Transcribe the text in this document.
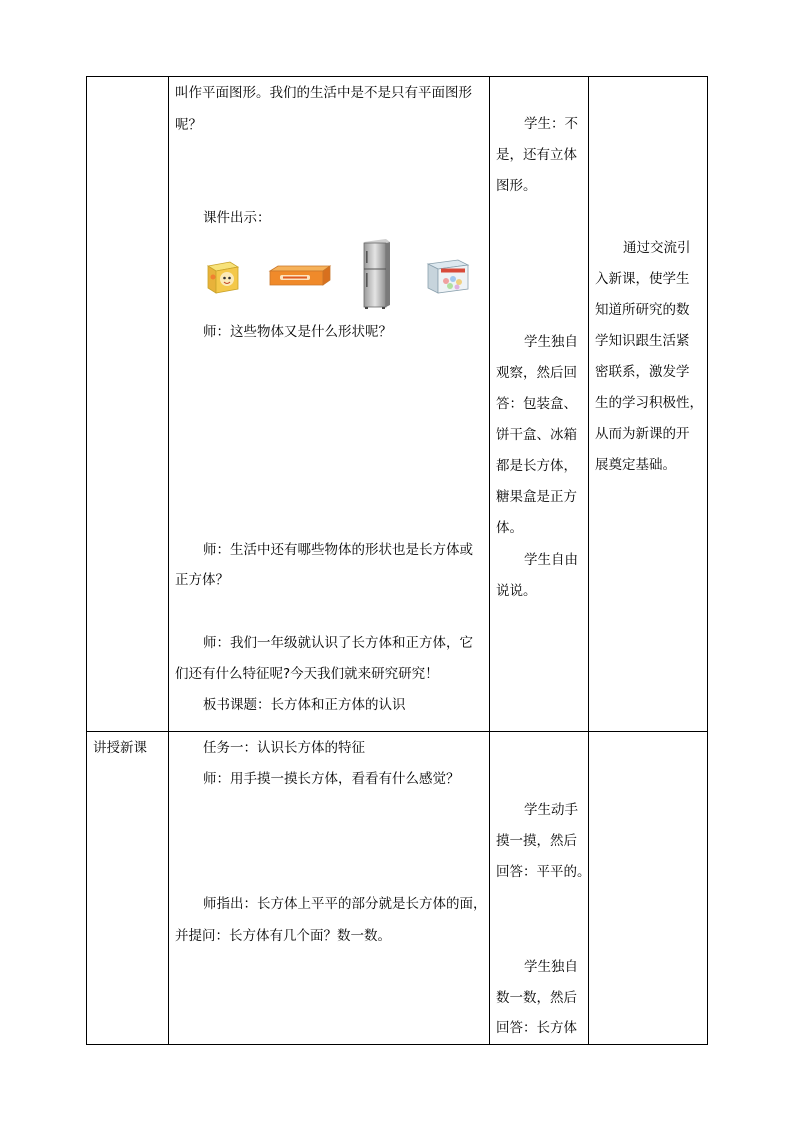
叫作平面图形。我们的生活中是不是只有平面图形
呢？
课件出示：
师：这些物体又是什么形状呢？
师：生活中还有哪些物体的形状也是长方体或
正方体？
师：我们一年级就认识了长方体和正方体，它
们还有什么特征呢?今天我们就来研究研究！
板书课题：长方体和正方体的认识
学生：不
是，还有立体
图形。
学生独自
观察，然后回
答：包装盒、
饼干盒、冰箱
都是长方体，
糖果盒是正方
体。
学生自由
说说。
通过交流引
入新课，使学生
知道所研究的数
学知识跟生活紧
密联系，激发学
生的学习积极性，
从而为新课的开
展奠定基础。
讲授新课	任务一：认识长方体的特征
师：用手摸一摸长方体，看看有什么感觉？
师指出：长方体上平平的部分就是长方体的面，
并提问：长方体有几个面？数一数。
学生动手
摸一摸，然后
回答：平平的。
学生独自
数一数，然后
回答：长方体
